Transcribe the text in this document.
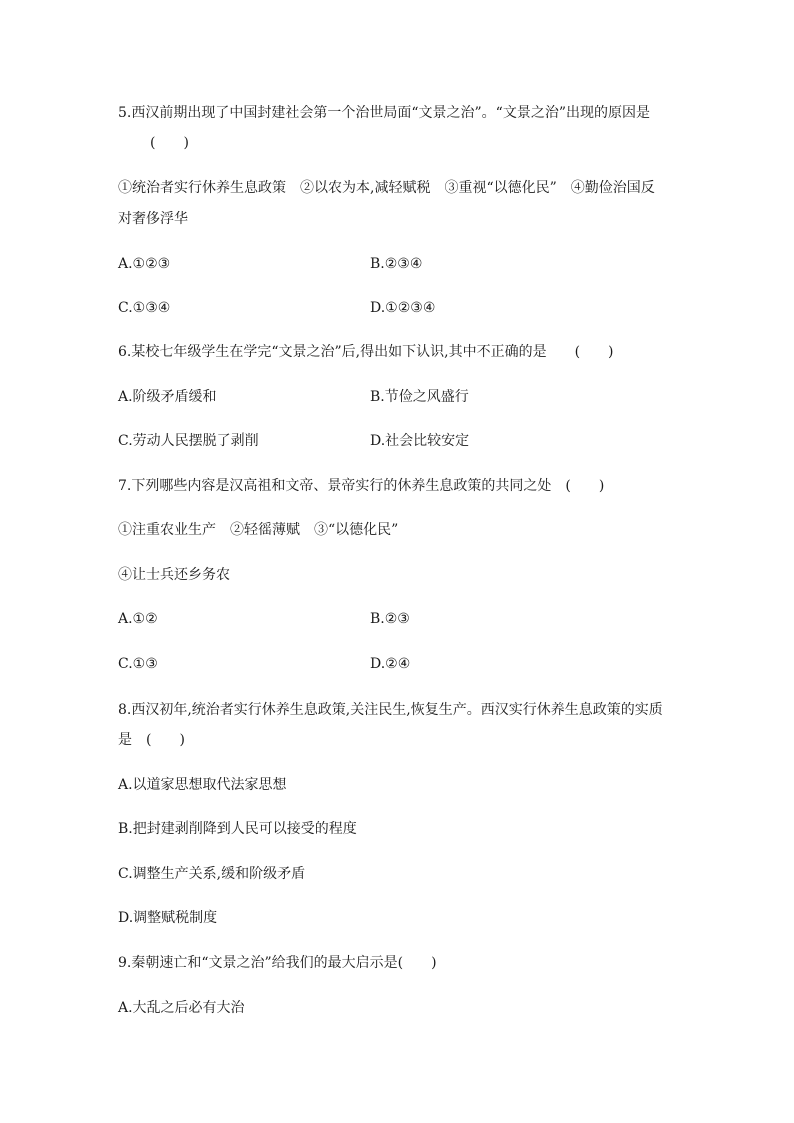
5.西汉前期出现了中国封建社会第一个治世局面“文景之治”。“文景之治”出现的原因是
(　　)
①统治者实行休养生息政策　②以农为本,减轻赋税　③重视“以德化民”　④勤俭治国反
对奢侈浮华
A.①②③	B.②③④
C.①③④	D.①②③④
6.某校七年级学生在学完“文景之治”后,得出如下认识,其中不正确的是　　(　　)
A.阶级矛盾缓和	B.节俭之风盛行
C.劳动人民摆脱了剥削	D.社会比较安定
7.下列哪些内容是汉高祖和文帝、景帝实行的休养生息政策的共同之处　(　　)
①注重农业生产　②轻徭薄赋　③“以德化民”
④让士兵还乡务农
A.①②	B.②③
C.①③	D.②④
8.西汉初年,统治者实行休养生息政策,关注民生,恢复生产。西汉实行休养生息政策的实质
是　(　　)
A.以道家思想取代法家思想
B.把封建剥削降到人民可以接受的程度
C.调整生产关系,缓和阶级矛盾
D.调整赋税制度
9.秦朝速亡和“文景之治”给我们的最大启示是(　　)
A.大乱之后必有大治
